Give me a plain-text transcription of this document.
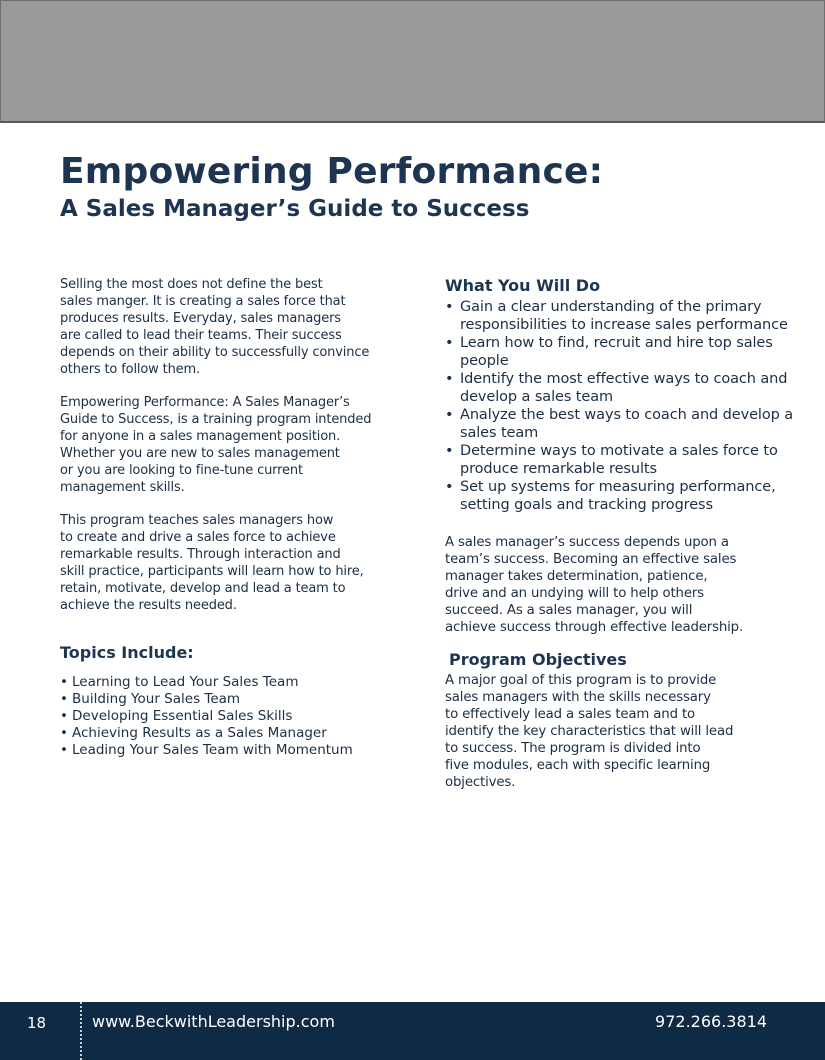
Empowering Performance:
A Sales Manager’s Guide to Success

Selling the most does not define the best
sales manger. It is creating a sales force that
produces results. Everyday, sales managers
are called to lead their teams. Their success
depends on their ability to successfully convince
others to follow them.

Empowering Performance: A Sales Manager’s
Guide to Success, is a training program intended
for anyone in a sales management position.
Whether you are new to sales management
or you are looking to fine-tune current
management skills.

This program teaches sales managers how
to create and drive a sales force to achieve
remarkable results. Through interaction and
skill practice, participants will learn how to hire,
retain, motivate, develop and lead a team to
achieve the results needed.

Topics Include:
• Learning to Lead Your Sales Team
• Building Your Sales Team
• Developing Essential Sales Skills
• Achieving Results as a Sales Manager
• Leading Your Sales Team with Momentum
What You Will Do
• Gain a clear understanding of the primary responsibilities to increase sales performance
• Learn how to find, recruit and hire top sales people
• Identify the most effective ways to coach and develop a sales team
• Analyze the best ways to coach and develop a sales team
• Determine ways to motivate a sales force to produce remarkable results
• Set up systems for measuring performance, setting goals and tracking progress

A sales manager’s success depends upon a
team’s success. Becoming an effective sales
manager takes determination, patience,
drive and an undying will to help others
succeed. As a sales manager, you will
achieve success through effective leadership.

Program Objectives

A major goal of this program is to provide
sales managers with the skills necessary
to effectively lead a sales team and to
identify the key characteristics that will lead
to success. The program is divided into
five modules, each with specific learning
objectives.

18	www.BeckwithLeadership.com	972.266.3814
